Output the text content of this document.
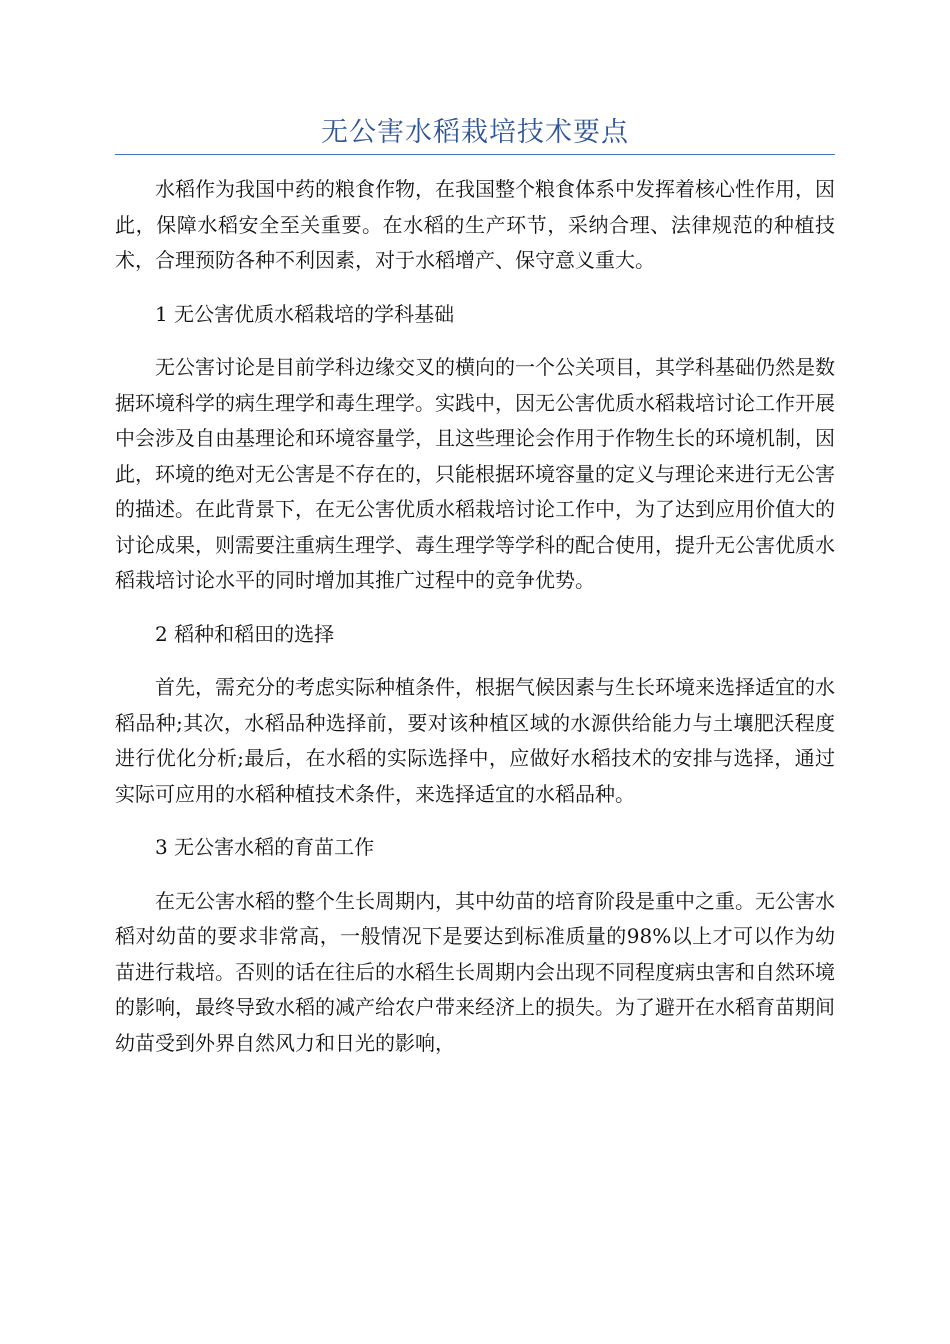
无公害水稻栽培技术要点

水稻作为我国中药的粮食作物，在我国整个粮食体系中发挥着核心性作用，因此，保障水稻安全至关重要。在水稻的生产环节，采纳合理、法律规范的种植技术，合理预防各种不利因素，对于水稻增产、保守意义重大。

1 无公害优质水稻栽培的学科基础

无公害讨论是目前学科边缘交叉的横向的一个公关项目，其学科基础仍然是数据环境科学的病生理学和毒生理学。实践中，因无公害优质水稻栽培讨论工作开展中会涉及自由基理论和环境容量学，且这些理论会作用于作物生长的环境机制，因此，环境的绝对无公害是不存在的，只能根据环境容量的定义与理论来进行无公害的描述。在此背景下，在无公害优质水稻栽培讨论工作中，为了达到应用价值大的讨论成果，则需要注重病生理学、毒生理学等学科的配合使用，提升无公害优质水稻栽培讨论水平的同时增加其推广过程中的竞争优势。

2 稻种和稻田的选择

首先，需充分的考虑实际种植条件，根据气候因素与生长环境来选择适宜的水稻品种;其次，水稻品种选择前，要对该种植区域的水源供给能力与土壤肥沃程度进行优化分析;最后，在水稻的实际选择中，应做好水稻技术的安排与选择，通过实际可应用的水稻种植技术条件，来选择适宜的水稻品种。

3 无公害水稻的育苗工作

在无公害水稻的整个生长周期内，其中幼苗的培育阶段是重中之重。无公害水稻对幼苗的要求非常高，一般情况下是要达到标准质量的98%以上才可以作为幼苗进行栽培。否则的话在往后的水稻生长周期内会出现不同程度病虫害和自然环境的影响，最终导致水稻的减产给农户带来经济上的损失。为了避开在水稻育苗期间幼苗受到外界自然风力和日光的影响，
